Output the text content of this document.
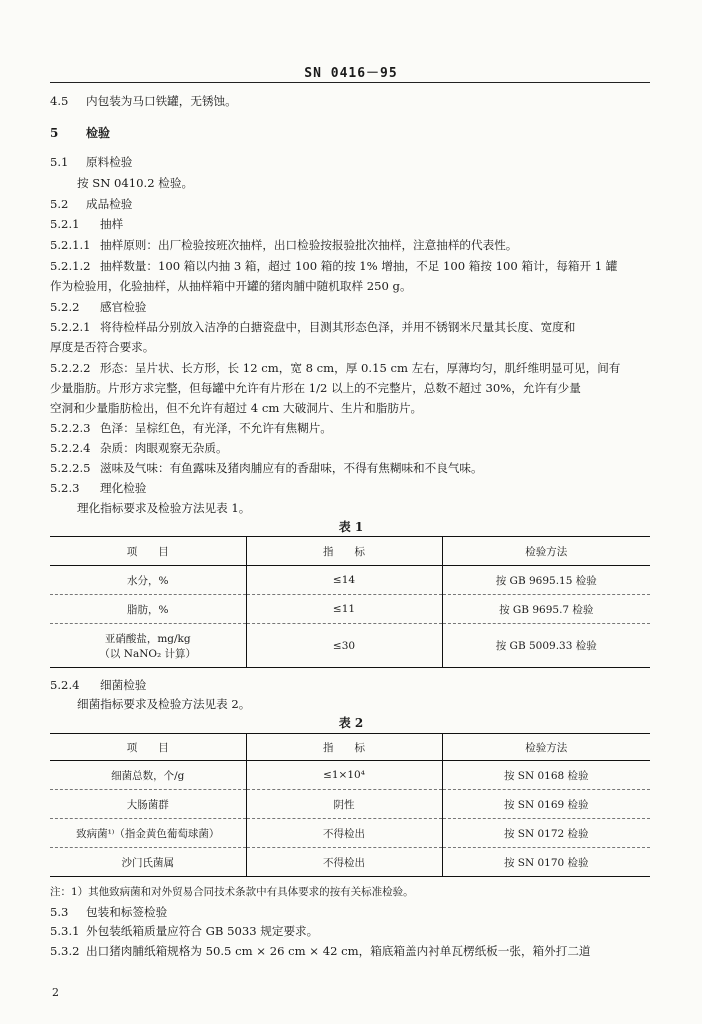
SN 0416－95
4.5 内包装为马口铁罐，无锈蚀。
5 检验
5.1 原料检验
按 SN 0410.2 检验。
5.2 成品检验
5.2.1 抽样
5.2.1.1 抽样原则：出厂检验按班次抽样，出口检验按报验批次抽样，注意抽样的代表性。
5.2.1.2 抽样数量：100 箱以内抽 3 箱，超过 100 箱的按 1% 增抽，不足 100 箱按 100 箱计，每箱开 1 罐
作为检验用，化验抽样，从抽样箱中开罐的猪肉脯中随机取样 250 g。
5.2.2 感官检验
5.2.2.1 将待检样品分别放入洁净的白搪瓷盘中，目测其形态色泽，并用不锈钢米尺量其长度、宽度和
厚度是否符合要求。
5.2.2.2 形态：呈片状、长方形，长 12 cm，宽 8 cm，厚 0.15 cm 左右，厚薄均匀，肌纤维明显可见，间有
少量脂肪。片形方求完整，但每罐中允许有片形在 1/2 以上的不完整片，总数不超过 30%，允许有少量
空洞和少量脂肪检出，但不允许有超过 4 cm 大破洞片、生片和脂肪片。
5.2.2.3 色泽：呈棕红色，有光泽，不允许有焦糊片。
5.2.2.4 杂质：肉眼观察无杂质。
5.2.2.5 滋味及气味：有鱼露味及猪肉脯应有的香甜味，不得有焦糊味和不良气味。
5.2.3 理化检验
理化指标要求及检验方法见表 1。
表 1
项　　目	指　　标	检验方法
水分，%	≤14	按 GB 9695.15 检验
脂肪，%	≤11	按 GB 9695.7 检验

亚硝酸盐，mg/kg
（以 NaNO₂ 计算）	≤30	按 GB 5009.33 检验
5.2.4 细菌检验
细菌指标要求及检验方法见表 2。
表 2
项　　目	指　　标	检验方法
细菌总数，个/g	≤1×10⁴	按 SN 0168 检验
大肠菌群	阴性	按 SN 0169 检验
致病菌¹⁾（指金黄色葡萄球菌）	不得检出	按 SN 0172 检验
沙门氏菌属	不得检出	按 SN 0170 检验
注：1）其他致病菌和对外贸易合同技术条款中有具体要求的按有关标准检验。
5.3 包装和标签检验
5.3.1 外包装纸箱质量应符合 GB 5033 规定要求。
5.3.2 出口猪肉脯纸箱规格为 50.5 cm × 26 cm × 42 cm，箱底箱盖内衬单瓦楞纸板一张，箱外打二道
2
